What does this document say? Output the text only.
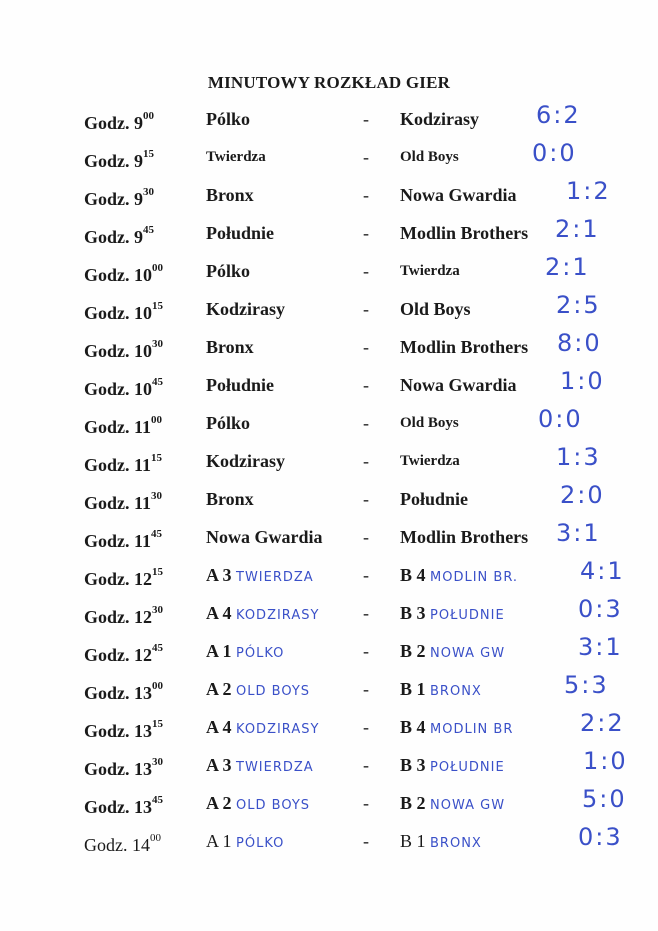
MINUTOWY ROZKŁAD GIER
Godz. $9^{00}$	Pólko	- Kodzirasy 6:2
Godz. $9^{15}$	Twierdza	- Old Boys	0:0
Godz. $9^{30}$	Bronx	- Nowa Gwardia 1:2
Godz. $9^{45}$	Południe	- Modlin Brothers 2:1
Godz. $10^{00}$	Pólko	- Twierdza	2:1
Godz. $10^{15}$	Kodzirasy	- Old Boys	2:5
Godz. $10^{30}$	Bronx	- Modlin Brothers 8:0
Godz. $10^{45}$	Południe	- Nowa Gwardia 1:0
Godz. $11^{00}$	Pólko	- Old Boys	0:0
Godz. $11^{15}$	Kodzirasy	- Twierdza	1:3
Godz. $11^{30}$	Bronx	- Południe	2:0
Godz. $11^{45}$	Nowa Gwardia - Modlin Brothers 3:1
Godz. $12^{15}$	A 3 TWIERDZA	- B 4 MODLIN BR.	4:1
Godz. $12^{30}$	A 4 KODZIRASY - B 3 POŁUDNIE	0:3
Godz. $12^{45}$	A 1 PÓLKO	- B 2 NOWA GW	3:1
Godz. $13^{00}$	A 2 OLD BOYS	- B 1 BRONX	5:3
Godz. $13^{15}$	A 4 KODZIRASY - B 4 MODLIN BR	2:2
Godz. $13^{30}$	A 3 TWIERDZA	- B 3 POŁUDNIE	1:0
Godz. $13^{45}$	A 2 OLD BOYS	- B 2 NOWA GW	5:0
Godz. $14^{00}$	A 1 PÓLKO	- B 1 BRONX	0:3
